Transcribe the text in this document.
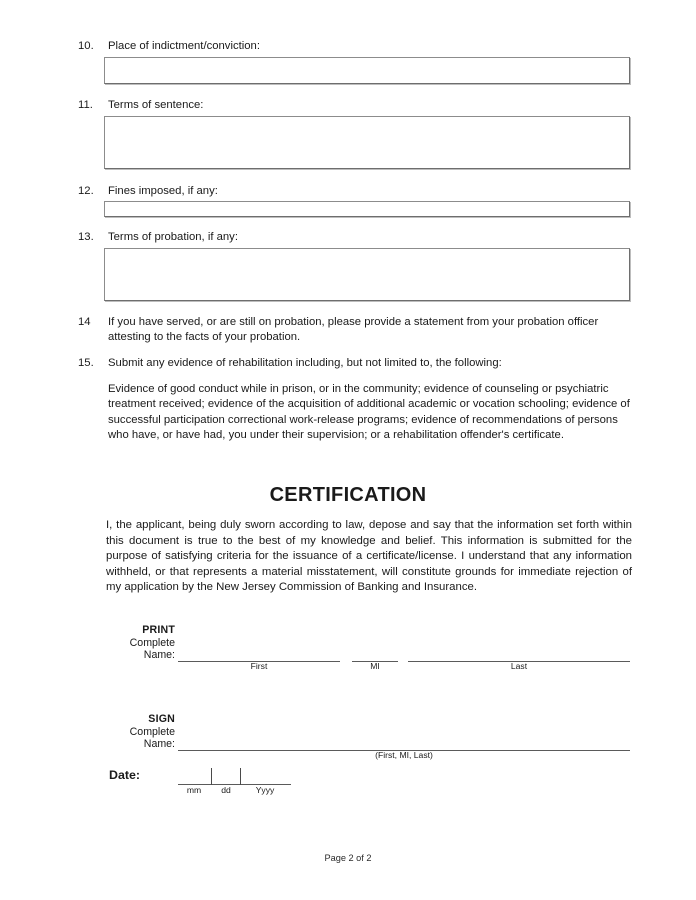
10.	Place of indictment/conviction:
11.	Terms of sentence:
12.	Fines imposed, if any:
13.	Terms of probation, if any:
14	If you have served, or are still on probation, please provide a statement from your probation officer attesting to the facts of your probation.
15.	Submit any evidence of rehabilitation including, but not limited to, the following:
Evidence of good conduct while in prison, or in the community; evidence of counseling or psychiatric treatment received; evidence of the acquisition of additional academic or vocation schooling; evidence of successful participation correctional work-release programs; evidence of recommendations of persons who have, or have had, you under their supervision; or a rehabilitation offender's certificate.
CERTIFICATION
I, the applicant, being duly sworn according to law, depose and say that the information set forth within this document is true to the best of my knowledge and belief. This information is submitted for the purpose of satisfying criteria for the issuance of a certificate/license. I understand that any information withheld, or that represents a material misstatement, will constitute grounds for immediate rejection of my application by the New Jersey Commission of Banking and Insurance.
PRINT
Complete
Name:
First	MI	Last
SIGN
Complete
Name:
(First, MI, Last)
Date:
mm	dd	Yyyy
Page 2 of 2
